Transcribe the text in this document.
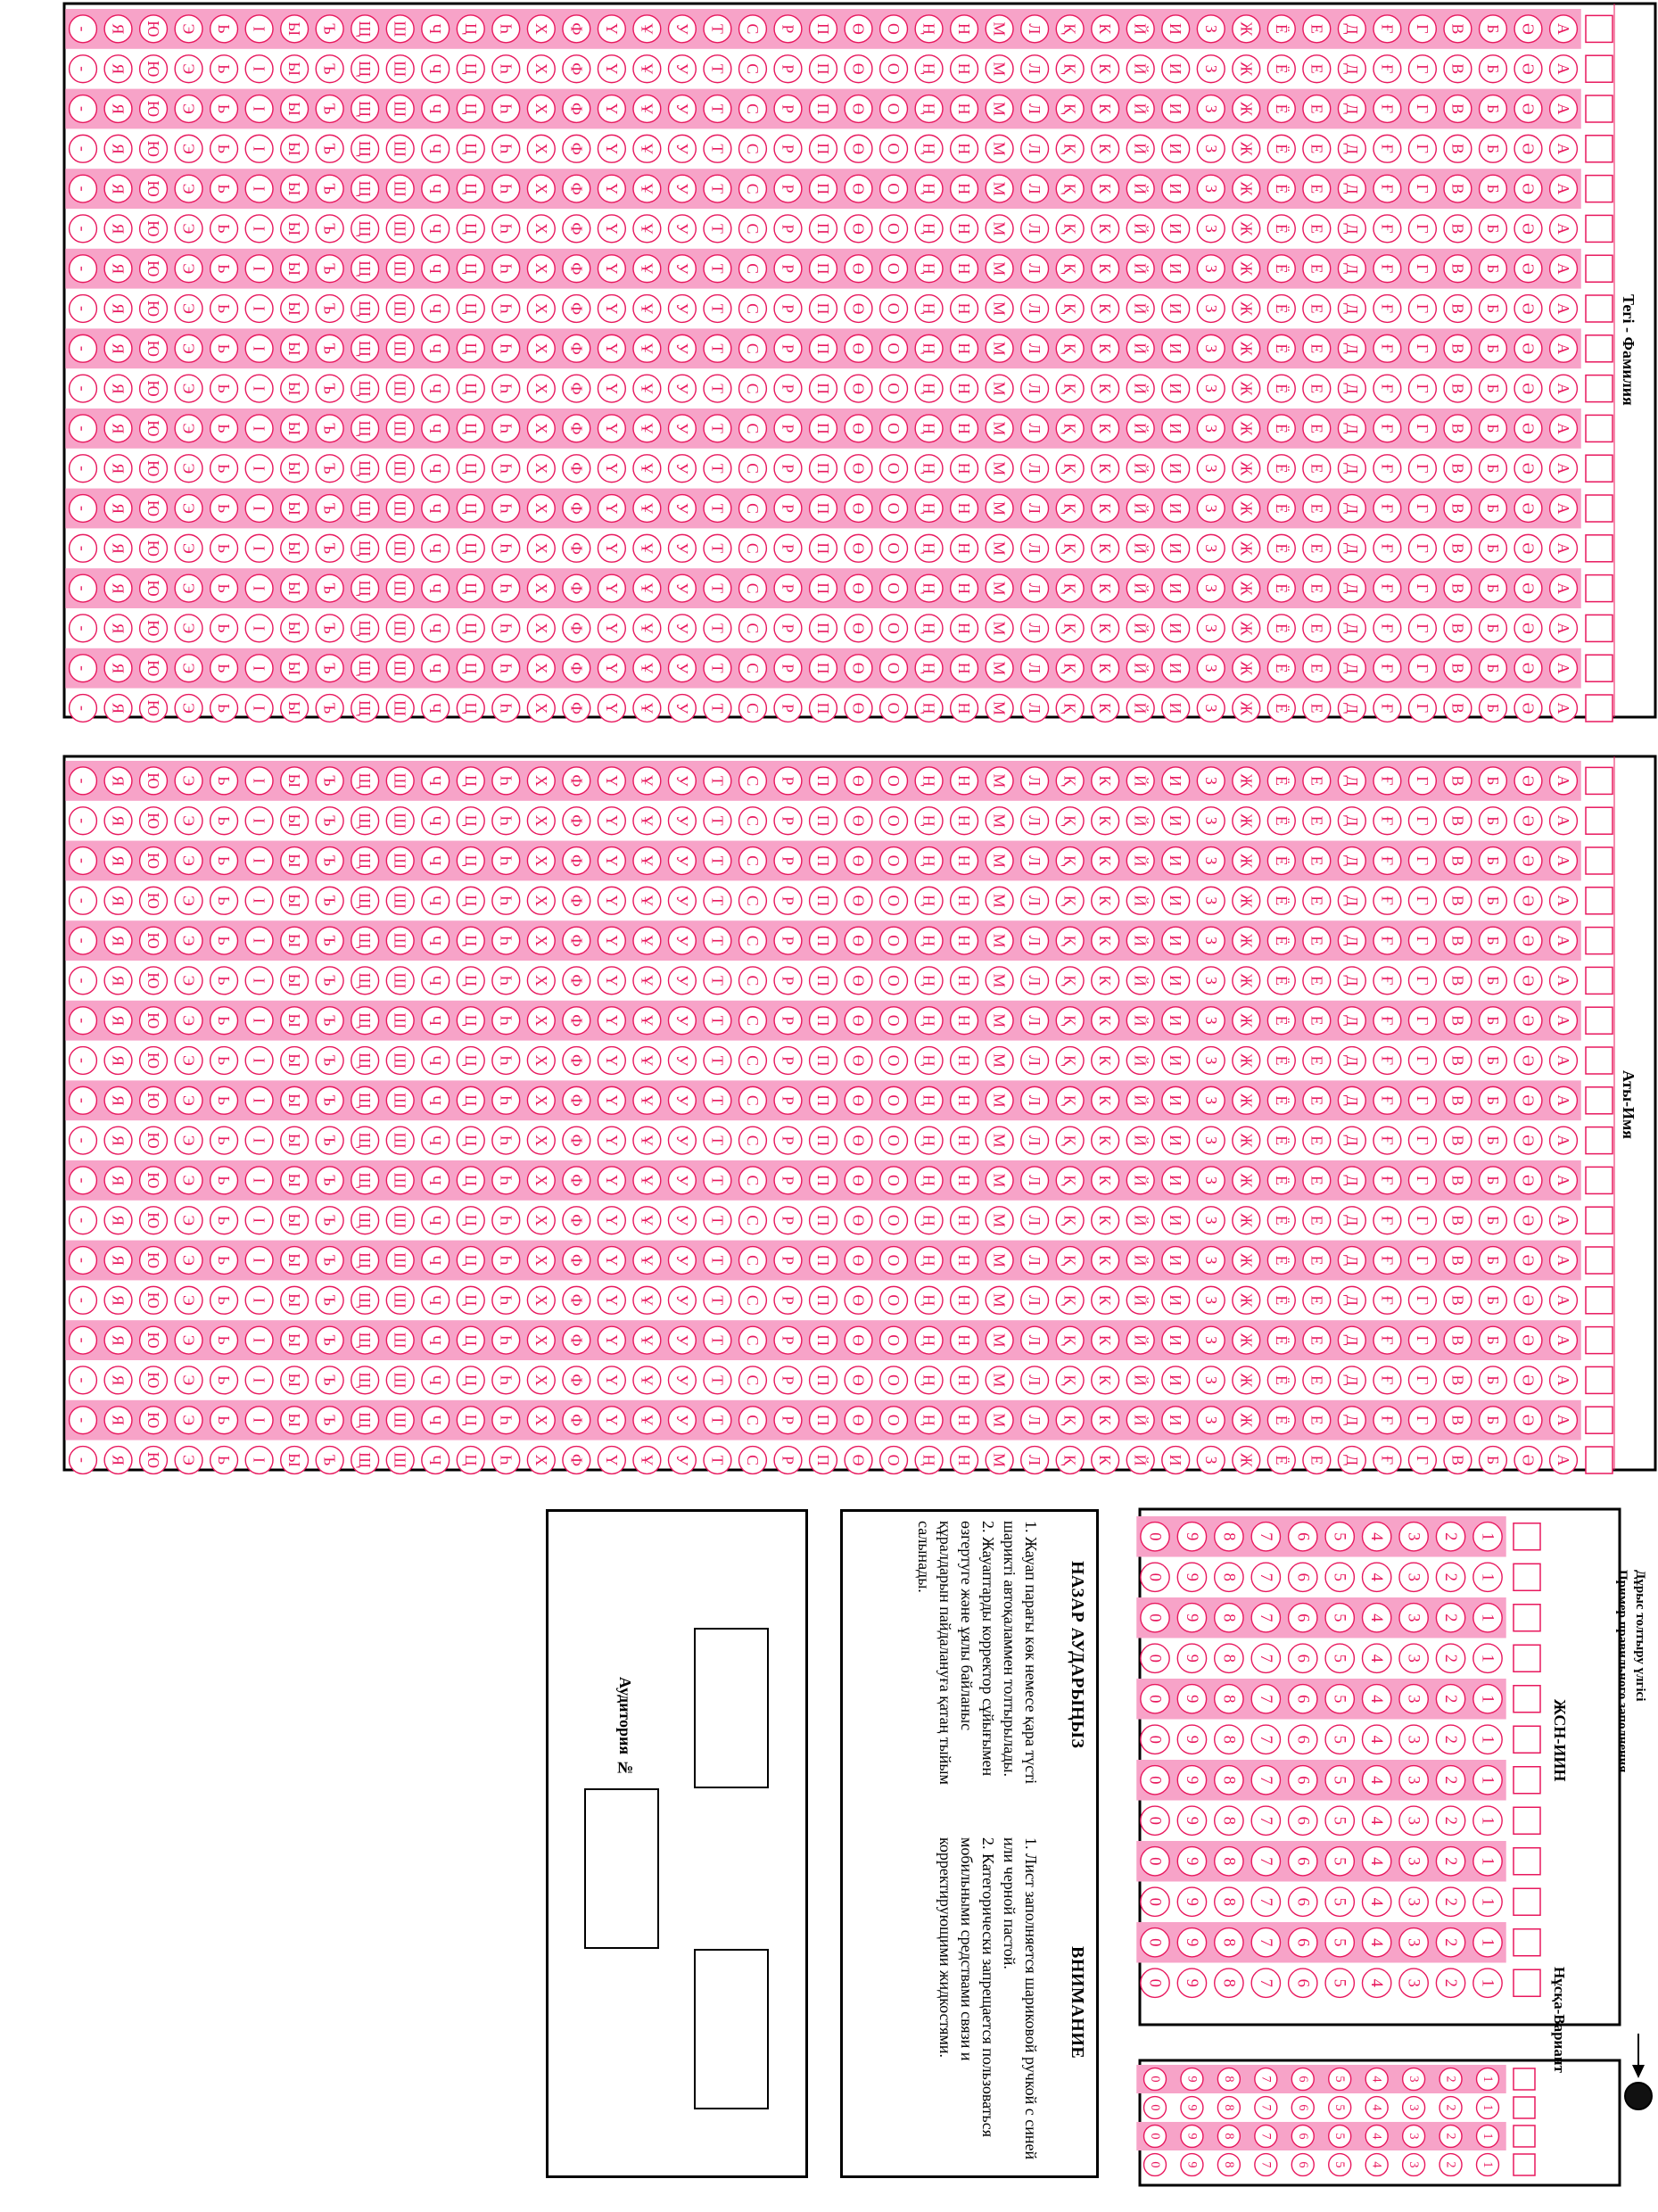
А
Ә
Б
В
Г
Ғ
Д
Е
Ё
Ж
З
И
Й
К
Қ
Л
М
Н
Ң
О
Ө
П
Р
С
Т
У
Ұ
Ү
Ф
Х
Һ
Ц
Ч
Ш
Щ
Ъ
Ы
І
Ь
Э
Ю
Я
-
А
Ә
Б
В
Г
Ғ
Д
Е
Ё
Ж
З
И
Й
К
Қ
Л
М
Н
Ң
О
Ө
П
Р
С
Т
У
Ұ
Ү
Ф
Х
Һ
Ц
Ч
Ш
Щ
Ъ
Ы
І
Ь
Э
Ю
Я
-
А
Ә
Б
В
Г
Ғ
Д
Е
Ё
Ж
З
И
Й
К
Қ
Л
М
Н
Ң
О
Ө
П
Р
С
Т
У
Ұ
Ү
Ф
Х
Һ
Ц
Ч
Ш
Щ
Ъ
Ы
І
Ь
Э
Ю
Я
-
А
Ә
Б
В
Г
Ғ
Д
Е
Ё
Ж
З
И
Й
К
Қ
Л
М
Н
Ң
О
Ө
П
Р
С
Т
У
Ұ
Ү
Ф
Х
Һ
Ц
Ч
Ш
Щ
Ъ
Ы
І
Ь
Э
Ю
Я
-
А
Ә
Б
В
Г
Ғ
Д
Е
Ё
Ж
З
И
Й
К
Қ
Л
М
Н
Ң
О
Ө
П
Р
С
Т
У
Ұ
Ү
Ф
Х
Һ
Ц
Ч
Ш
Щ
Ъ
Ы
І
Ь
Э
Ю
Я
-
А
Ә
Б
В
Г
Ғ
Д
Е
Ё
Ж
З
И
Й
К
Қ
Л
М
Н
Ң
О
Ө
П
Р
С
Т
У
Ұ
Ү
Ф
Х
Һ
Ц
Ч
Ш
Щ
Ъ
Ы
І
Ь
Э
Ю
Я
-
А
Ә
Б
В
Г
Ғ
Д
Е
Ё
Ж
З
И
Й
К
Қ
Л
М
Н
Ң
О
Ө
П
Р
С
Т
У
Ұ
Ү
Ф
Х
Һ
Ц
Ч
Ш
Щ
Ъ
Ы
І
Ь
Э
Ю
Я
-
А
Ә
Б
В
Г
Ғ
Д
Е
Ё
Ж
З
И
Й
К
Қ
Л
М
Н
Ң
О
Ө
П
Р
С
Т
У
Ұ
Ү
Ф
Х
Һ
Ц
Ч
Ш
Щ
Ъ
Ы
І
Ь
Э
Ю
Я
-
А
Ә
Б
В
Г
Ғ
Д
Е
Ё
Ж
З
И
Й
К
Қ
Л
М
Н
Ң
О
Ө
П
Р
С
Т
У
Ұ
Ү
Ф
Х
Һ
Ц
Ч
Ш
Щ
Ъ
Ы
І
Ь
Э
Ю
Я
-
А
Ә
Б
В
Г
Ғ
Д
Е
Ё
Ж
З
И
Й
К
Қ
Л
М
Н
Ң
О
Ө
П
Р
С
Т
У
Ұ
Ү
Ф
Х
Һ
Ц
Ч
Ш
Щ
Ъ
Ы
І
Ь
Э
Ю
Я
-
А
Ә
Б
В
Г
Ғ
Д
Е
Ё
Ж
З
И
Й
К
Қ
Л
М
Н
Ң
О
Ө
П
Р
С
Т
У
Ұ
Ү
Ф
Х
Һ
Ц
Ч
Ш
Щ
Ъ
Ы
І
Ь
Э
Ю
Я
-
А
Ә
Б
В
Г
Ғ
Д
Е
Ё
Ж
З
И
Й
К
Қ
Л
М
Н
Ң
О
Ө
П
Р
С
Т
У
Ұ
Ү
Ф
Х
Һ
Ц
Ч
Ш
Щ
Ъ
Ы
І
Ь
Э
Ю
Я
-
А
Ә
Б
В
Г
Ғ
Д
Е
Ё
Ж
З
И
Й
К
Қ
Л
М
Н
Ң
О
Ө
П
Р
С
Т
У
Ұ
Ү
Ф
Х
Һ
Ц
Ч
Ш
Щ
Ъ
Ы
І
Ь
Э
Ю
Я
-
А
Ә
Б
В
Г
Ғ
Д
Е
Ё
Ж
З
И
Й
К
Қ
Л
М
Н
Ң
О
Ө
П
Р
С
Т
У
Ұ
Ү
Ф
Х
Һ
Ц
Ч
Ш
Щ
Ъ
Ы
І
Ь
Э
Ю
Я
-
А
Ә
Б
В
Г
Ғ
Д
Е
Ё
Ж
З
И
Й
К
Қ
Л
М
Н
Ң
О
Ө
П
Р
С
Т
У
Ұ
Ү
Ф
Х
Һ
Ц
Ч
Ш
Щ
Ъ
Ы
І
Ь
Э
Ю
Я
-
А
Ә
Б
В
Г
Ғ
Д
Е
Ё
Ж
З
И
Й
К
Қ
Л
М
Н
Ң
О
Ө
П
Р
С
Т
У
Ұ
Ү
Ф
Х
Һ
Ц
Ч
Ш
Щ
Ъ
Ы
І
Ь
Э
Ю
Я
-
А
Ә
Б
В
Г
Ғ
Д
Е
Ё
Ж
З
И
Й
К
Қ
Л
М
Н
Ң
О
Ө
П
Р
С
Т
У
Ұ
Ү
Ф
Х
Һ
Ц
Ч
Ш
Щ
Ъ
Ы
І
Ь
Э
Ю
Я
-
А
Ә
Б
В
Г
Ғ
Д
Е
Ё
Ж
З
И
Й
К
Қ
Л
М
Н
Ң
О
Ө
П
Р
С
Т
У
Ұ
Ү
Ф
Х
Һ
Ц
Ч
Ш
Щ
Ъ
Ы
І
Ь
Э
Ю
Я
-
А
Ә
Б
В
Г
Ғ
Д
Е
Ё
Ж
З
И
Й
К
Қ
Л
М
Н
Ң
О
Ө
П
Р
С
Т
У
Ұ
Ү
Ф
Х
Һ
Ц
Ч
Ш
Щ
Ъ
Ы
І
Ь
Э
Ю
Я
-
А
Ә
Б
В
Г
Ғ
Д
Е
Ё
Ж
З
И
Й
К
Қ
Л
М
Н
Ң
О
Ө
П
Р
С
Т
У
Ұ
Ү
Ф
Х
Һ
Ц
Ч
Ш
Щ
Ъ
Ы
І
Ь
Э
Ю
Я
-
А
Ә
Б
В
Г
Ғ
Д
Е
Ё
Ж
З
И
Й
К
Қ
Л
М
Н
Ң
О
Ө
П
Р
С
Т
У
Ұ
Ү
Ф
Х
Һ
Ц
Ч
Ш
Щ
Ъ
Ы
І
Ь
Э
Ю
Я
-
А
Ә
Б
В
Г
Ғ
Д
Е
Ё
Ж
З
И
Й
К
Қ
Л
М
Н
Ң
О
Ө
П
Р
С
Т
У
Ұ
Ү
Ф
Х
Һ
Ц
Ч
Ш
Щ
Ъ
Ы
І
Ь
Э
Ю
Я
-
А
Ә
Б
В
Г
Ғ
Д
Е
Ё
Ж
З
И
Й
К
Қ
Л
М
Н
Ң
О
Ө
П
Р
С
Т
У
Ұ
Ү
Ф
Х
Һ
Ц
Ч
Ш
Щ
Ъ
Ы
І
Ь
Э
Ю
Я
-
А
Ә
Б
В
Г
Ғ
Д
Е
Ё
Ж
З
И
Й
К
Қ
Л
М
Н
Ң
О
Ө
П
Р
С
Т
У
Ұ
Ү
Ф
Х
Һ
Ц
Ч
Ш
Щ
Ъ
Ы
І
Ь
Э
Ю
Я
-
А
Ә
Б
В
Г
Ғ
Д
Е
Ё
Ж
З
И
Й
К
Қ
Л
М
Н
Ң
О
Ө
П
Р
С
Т
У
Ұ
Ү
Ф
Х
Һ
Ц
Ч
Ш
Щ
Ъ
Ы
І
Ь
Э
Ю
Я
-
А
Ә
Б
В
Г
Ғ
Д
Е
Ё
Ж
З
И
Й
К
Қ
Л
М
Н
Ң
О
Ө
П
Р
С
Т
У
Ұ
Ү
Ф
Х
Һ
Ц
Ч
Ш
Щ
Ъ
Ы
І
Ь
Э
Ю
Я
-
А
Ә
Б
В
Г
Ғ
Д
Е
Ё
Ж
З
И
Й
К
Қ
Л
М
Н
Ң
О
Ө
П
Р
С
Т
У
Ұ
Ү
Ф
Х
Һ
Ц
Ч
Ш
Щ
Ъ
Ы
І
Ь
Э
Ю
Я
-
А
Ә
Б
В
Г
Ғ
Д
Е
Ё
Ж
З
И
Й
К
Қ
Л
М
Н
Ң
О
Ө
П
Р
С
Т
У
Ұ
Ү
Ф
Х
Һ
Ц
Ч
Ш
Щ
Ъ
Ы
І
Ь
Э
Ю
Я
-
А
Ә
Б
В
Г
Ғ
Д
Е
Ё
Ж
З
И
Й
К
Қ
Л
М
Н
Ң
О
Ө
П
Р
С
Т
У
Ұ
Ү
Ф
Х
Һ
Ц
Ч
Ш
Щ
Ъ
Ы
І
Ь
Э
Ю
Я
-
А
Ә
Б
В
Г
Ғ
Д
Е
Ё
Ж
З
И
Й
К
Қ
Л
М
Н
Ң
О
Ө
П
Р
С
Т
У
Ұ
Ү
Ф
Х
Һ
Ц
Ч
Ш
Щ
Ъ
Ы
І
Ь
Э
Ю
Я
-
А
Ә
Б
В
Г
Ғ
Д
Е
Ё
Ж
З
И
Й
К
Қ
Л
М
Н
Ң
О
Ө
П
Р
С
Т
У
Ұ
Ү
Ф
Х
Һ
Ц
Ч
Ш
Щ
Ъ
Ы
І
Ь
Э
Ю
Я
-
А
Ә
Б
В
Г
Ғ
Д
Е
Ё
Ж
З
И
Й
К
Қ
Л
М
Н
Ң
О
Ө
П
Р
С
Т
У
Ұ
Ү
Ф
Х
Һ
Ц
Ч
Ш
Щ
Ъ
Ы
І
Ь
Э
Ю
Я
-
А
Ә
Б
В
Г
Ғ
Д
Е
Ё
Ж
З
И
Й
К
Қ
Л
М
Н
Ң
О
Ө
П
Р
С
Т
У
Ұ
Ү
Ф
Х
Һ
Ц
Ч
Ш
Щ
Ъ
Ы
І
Ь
Э
Ю
Я
-
А
Ә
Б
В
Г
Ғ
Д
Е
Ё
Ж
З
И
Й
К
Қ
Л
М
Н
Ң
О
Ө
П
Р
С
Т
У
Ұ
Ү
Ф
Х
Һ
Ц
Ч
Ш
Щ
Ъ
Ы
І
Ь
Э
Ю
Я
-
А
Ә
Б
В
Г
Ғ
Д
Е
Ё
Ж
З
И
Й
К
Қ
Л
М
Н
Ң
О
Ө
П
Р
С
Т
У
Ұ
Ү
Ф
Х
Һ
Ц
Ч
Ш
Щ
Ъ
Ы
І
Ь
Э
Ю
Я
-
А
Ә
Б
В
Г
Ғ
Д
Е
Ё
Ж
З
И
Й
К
Қ
Л
М
Н
Ң
О
Ө
П
Р
С
Т
У
Ұ
Ү
Ф
Х
Һ
Ц
Ч
Ш
Щ
Ъ
Ы
І
Ь
Э
Ю
Я
-
1
2
3
4
5
6
7
8
9
0
1
2
3
4
5
6
7
8
9
0
1
2
3
4
5
6
7
8
9
0
1
2
3
4
5
6
7
8
9
0
1
2
3
4
5
6
7
8
9
0
1
2
3
4
5
6
7
8
9
0
1
2
3
4
5
6
7
8
9
0
1
2
3
4
5
6
7
8
9
0
1
2
3
4
5
6
7
8
9
0
1
2
3
4
5
6
7
8
9
0
1
2
3
4
5
6
7
8
9
0
1
2
3
4
5
6
7
8
9
0
1
2
3
4
5
6
7
8
9
0
1
2
3
4
5
6
7
8
9
0
1
2
3
4
5
6
7
8
9
0
1
2
3
4
5
6
7
8
9
0
Тегі - Фамилия
Аты-Имя
ЖСН-ИИН
Нұсқа-Вариант
Дұрыс толтыру үлгісі
Пример правильного заполнения
НАЗАР АУДАРЫҢЫЗ

1. Жауап парағы көк немесе қара түсті шарикті автоқаламмен толтырылады.

2. Жауаптарды корректор сұйығымен өзгертуге және ұялы байланыс құралдарын пайдалануға қатаң тыйым салынады.

ВНИМАНИЕ

1. Лист заполняется шариковой ручкой с синей или черной пастой.

2. Категорически запрещается пользоваться мобильными средствами связи и корректирующими жидкостями.

Аудитория №
